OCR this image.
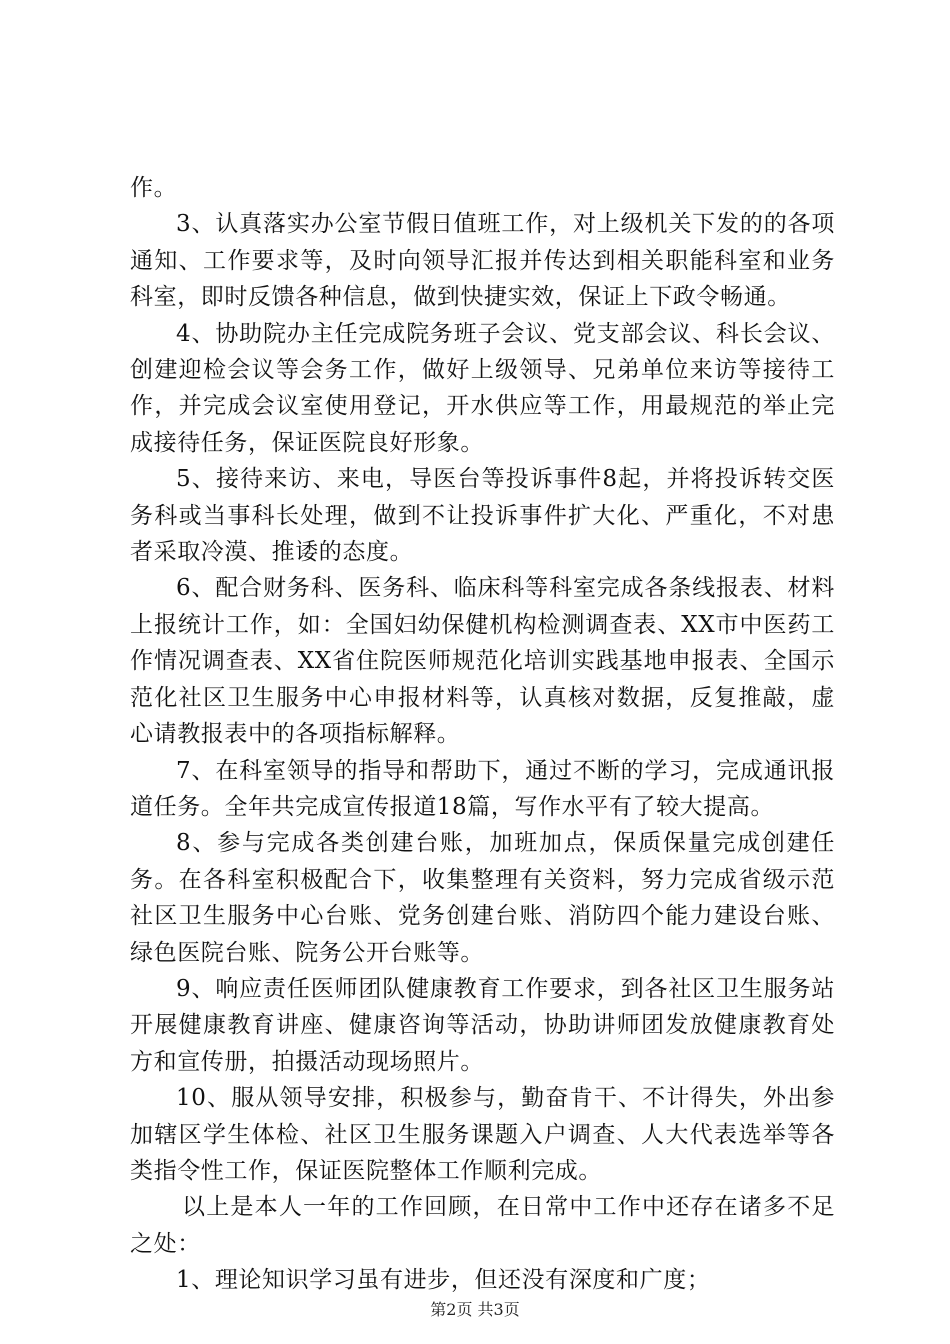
作。

3、认真落实办公室节假日值班工作，对上级机关下发的的各项通知、工作要求等，及时向领导汇报并传达到相关职能科室和业务科室，即时反馈各种信息，做到快捷实效，保证上下政令畅通。

4、协助院办主任完成院务班子会议、党支部会议、科长会议、创建迎检会议等会务工作，做好上级领导、兄弟单位来访等接待工作，并完成会议室使用登记，开水供应等工作，用最规范的举止完成接待任务，保证医院良好形象。

5、接待来访、来电，导医台等投诉事件8起，并将投诉转交医务科或当事科长处理，做到不让投诉事件扩大化、严重化，不对患者采取冷漠、推诿的态度。

6、配合财务科、医务科、临床科等科室完成各条线报表、材料上报统计工作，如：全国妇幼保健机构检测调查表、XX市中医药工作情况调查表、XX省住院医师规范化培训实践基地申报表、全国示范化社区卫生服务中心申报材料等，认真核对数据，反复推敲，虚心请教报表中的各项指标解释。

7、在科室领导的指导和帮助下，通过不断的学习，完成通讯报道任务。全年共完成宣传报道18篇，写作水平有了较大提高。

8、参与完成各类创建台账，加班加点，保质保量完成创建任务。在各科室积极配合下，收集整理有关资料，努力完成省级示范社区卫生服务中心台账、党务创建台账、消防四个能力建设台账、绿色医院台账、院务公开台账等。

9、响应责任医师团队健康教育工作要求，到各社区卫生服务站开展健康教育讲座、健康咨询等活动，协助讲师团发放健康教育处方和宣传册，拍摄活动现场照片。

10、服从领导安排，积极参与，勤奋肯干、不计得失，外出参加辖区学生体检、社区卫生服务课题入户调查、人大代表选举等各类指令性工作，保证医院整体工作顺利完成。

以上是本人一年的工作回顾，在日常中工作中还存在诸多不足之处：

1、理论知识学习虽有进步，但还没有深度和广度；

第2页 共3页
